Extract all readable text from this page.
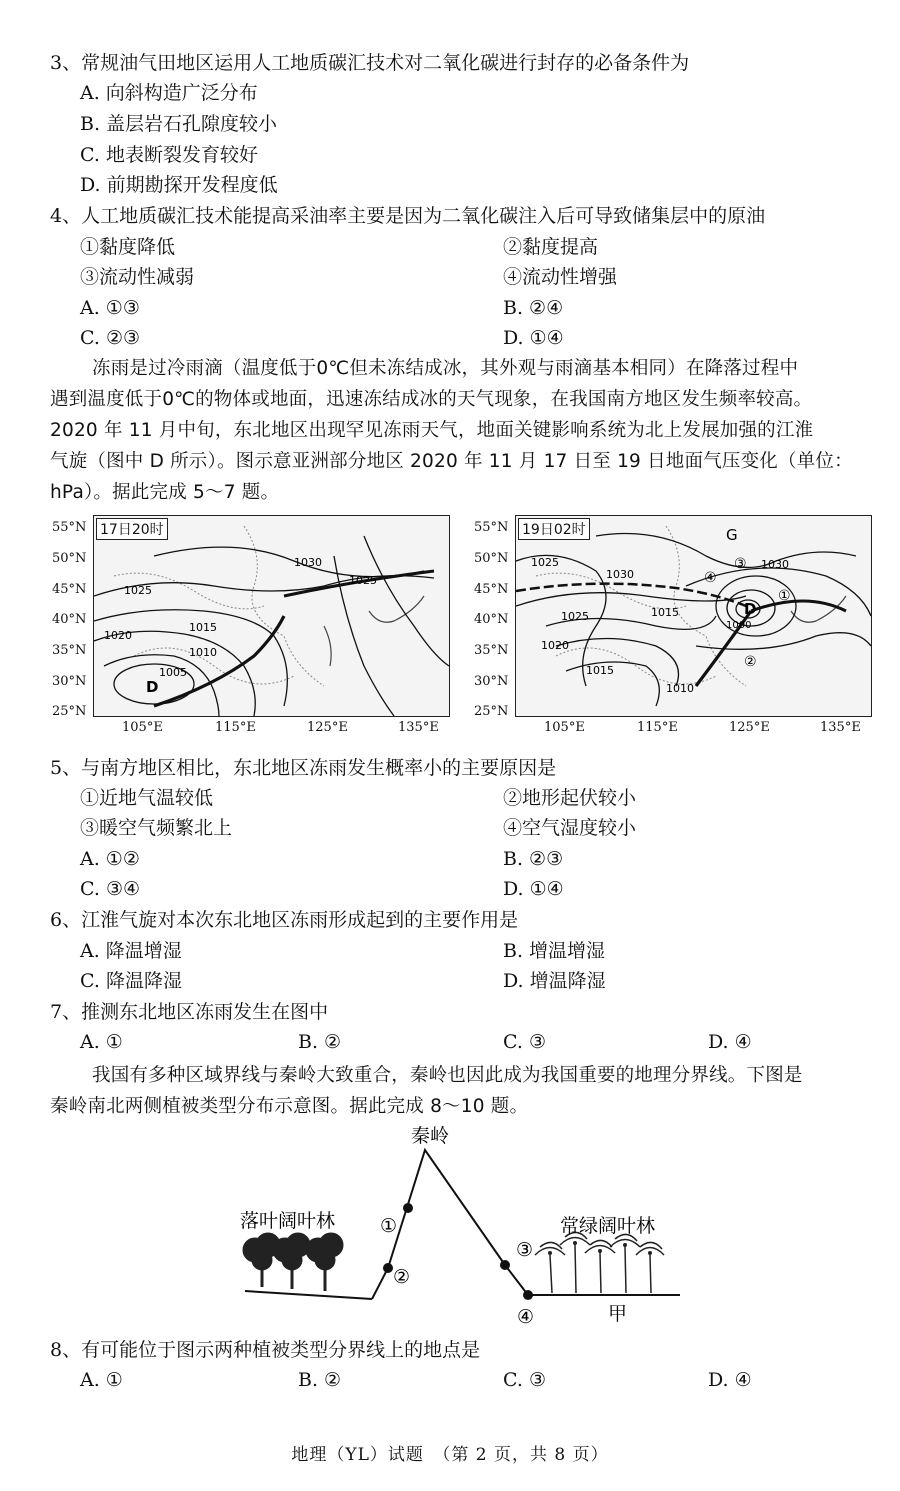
3、常规油气田地区运用人工地质碳汇技术对二氧化碳进行封存的必备条件为
A. 向斜构造广泛分布
B. 盖层岩石孔隙度较小
C. 地表断裂发育较好
D. 前期勘探开发程度低
4、人工地质碳汇技术能提高采油率主要是因为二氧化碳注入后可导致储集层中的原油
①黏度降低	②黏度提高
③流动性减弱	④流动性增强
A. ①③	B. ②④
C. ②③	D. ①④
冻雨是过冷雨滴（温度低于0℃但未冻结成冰，其外观与雨滴基本相同）在降落过程中
遇到温度低于0℃的物体或地面，迅速冻结成冰的天气现象，在我国南方地区发生频率较高。
2020 年 11 月中旬，东北地区出现罕见冻雨天气，地面关键影响系统为北上发展加强的江淮
气旋（图中 D 所示）。图示意亚洲部分地区 2020 年 11 月 17 日至 19 日地面气压变化（单位：
hPa）。据此完成 5～7 题。
55°N
50°N
45°N
40°N
35°N
30°N
25°N
1030
1025
1025
1020
1015
1010
1005
D
17日20时	55°N
50°N
45°N
40°N
35°N
30°N
25°N
G
D
1025
1030
1030
1025
1020
1015
1015
1010
1000
①
②
③
④
19日02时
105°E	115°E	125°E	135°E	105°E	115°E	125°E	135°E
5、与南方地区相比，东北地区冻雨发生概率小的主要原因是
①近地气温较低	②地形起伏较小
③暖空气频繁北上	④空气湿度较小
A. ①②	B. ②③
C. ③④	D. ①④
6、江淮气旋对本次东北地区冻雨形成起到的主要作用是
A. 降温增湿	B. 增温增湿
C. 降温降湿	D. 增温降湿
7、推测东北地区冻雨发生在图中
A. ①	B. ②	C. ③	D. ④
我国有多种区域界线与秦岭大致重合，秦岭也因此成为我国重要的地理分界线。下图是
秦岭南北两侧植被类型分布示意图。据此完成 8～10 题。
秦岭
落叶阔叶林	常绿阔叶林
甲
①
②
③
④
8、有可能位于图示两种植被类型分界线上的地点是
A. ①	B. ②	C. ③	D. ④
地理（YL）试题　（第 2 页，共 8 页）
